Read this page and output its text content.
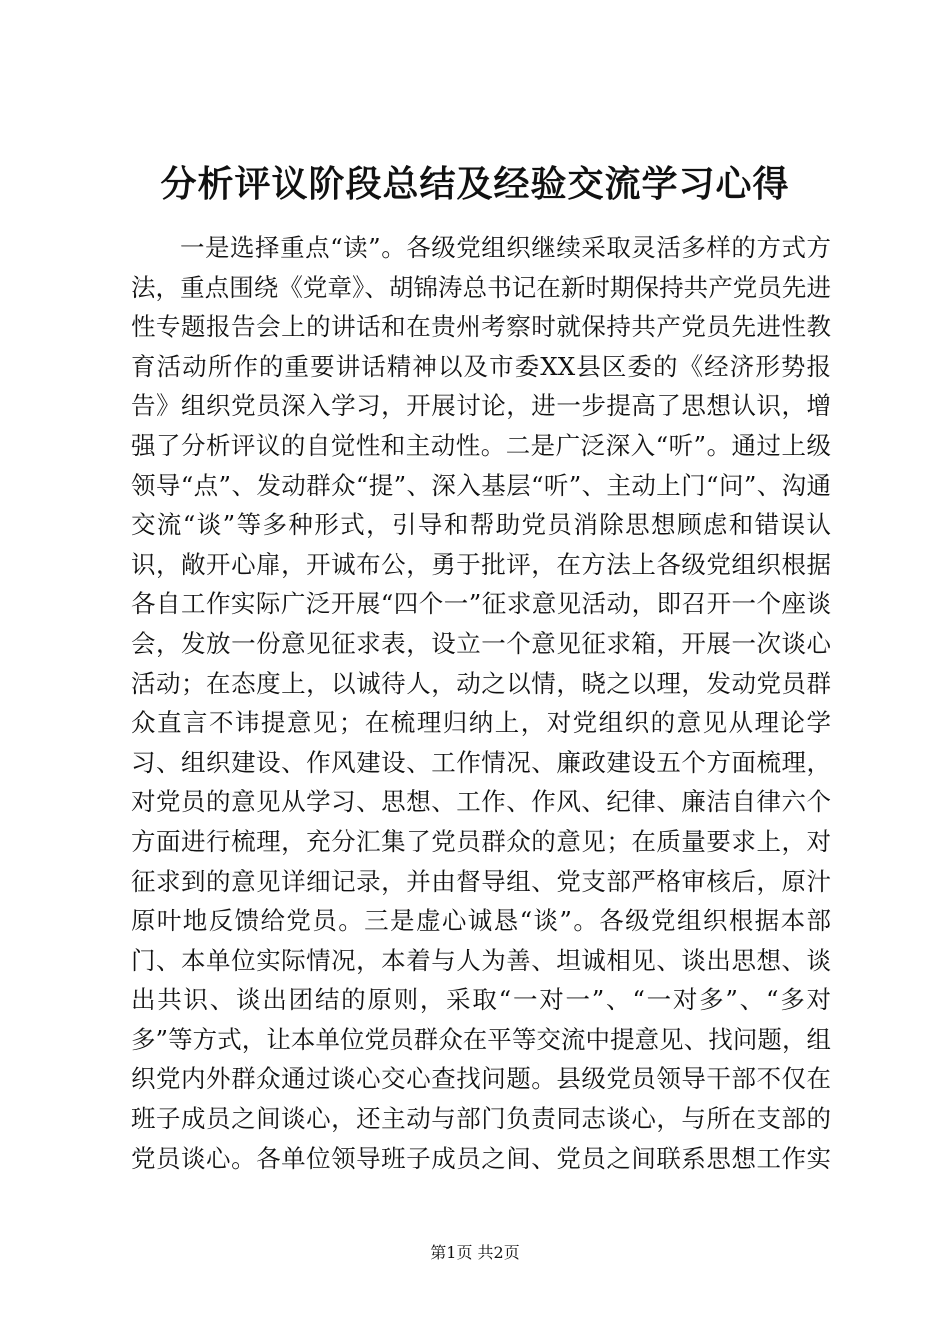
分析评议阶段总结及经验交流学习心得

一是选择重点“读”。各级党组织继续采取灵活多样的方式方法，重点围绕《党章》、胡锦涛总书记在新时期保持共产党员先进性专题报告会上的讲话和在贵州考察时就保持共产党员先进性教育活动所作的重要讲话精神以及市委XX县区委的《经济形势报告》组织党员深入学习，开展讨论，进一步提高了思想认识，增强了分析评议的自觉性和主动性。二是广泛深入“听”。通过上级领导“点”、发动群众“提”、深入基层“听”、主动上门“问”、沟通交流“谈”等多种形式，引导和帮助党员消除思想顾虑和错误认识，敞开心扉，开诚布公，勇于批评，在方法上各级党组织根据各自工作实际广泛开展“四个一”征求意见活动，即召开一个座谈会，发放一份意见征求表，设立一个意见征求箱，开展一次谈心活动；在态度上，以诚待人，动之以情，晓之以理，发动党员群众直言不讳提意见；在梳理归纳上，对党组织的意见从理论学习、组织建设、作风建设、工作情况、廉政建设五个方面梳理，对党员的意见从学习、思想、工作、作风、纪律、廉洁自律六个方面进行梳理，充分汇集了党员群众的意见；在质量要求上，对征求到的意见详细记录，并由督导组、党支部严格审核后，原汁原叶地反馈给党员。三是虚心诚恳“谈”。各级党组织根据本部门、本单位实际情况，本着与人为善、坦诚相见、谈出思想、谈出共识、谈出团结的原则，采取“一对一”、“一对多”、“多对多”等方式，让本单位党员群众在平等交流中提意见、找问题，组织党内外群众通过谈心交心查找问题。县级党员领导干部不仅在班子成员之间谈心，还主动与部门负责同志谈心，与所在支部的党员谈心。各单位领导班子成员之间、党员之间联系思想工作实

第1页 共2页
